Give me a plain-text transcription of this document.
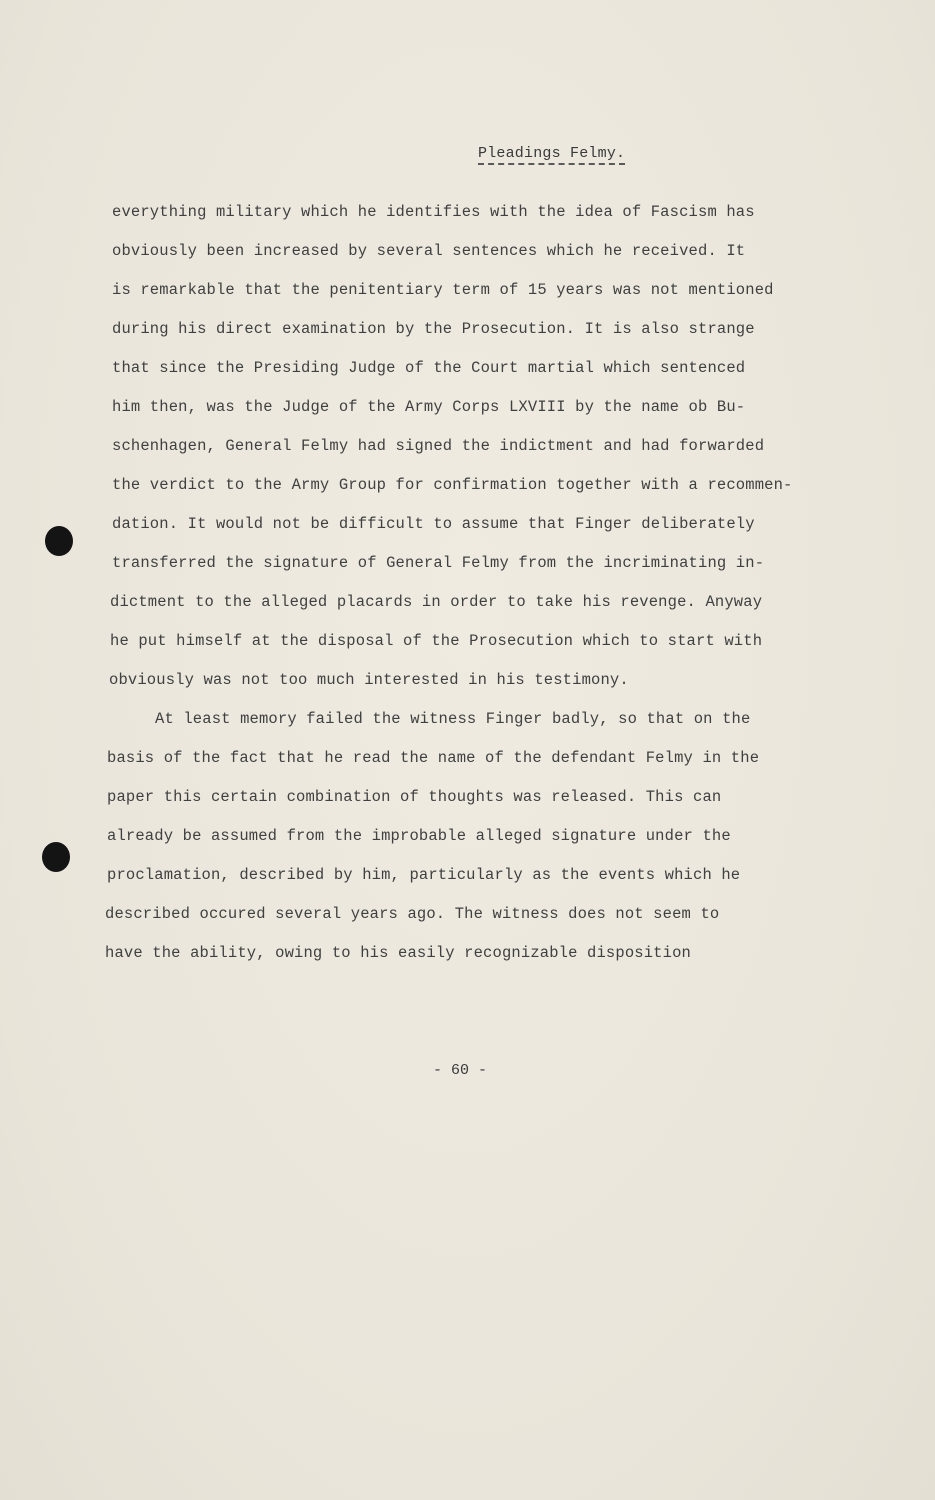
Pleadings Felmy.
everything military which he identifies with the idea of Fascism has
obviously been increased by several sentences which he received. It
is remarkable that the penitentiary term of 15 years was not mentioned
during his direct examination by the Prosecution. It is also strange
that since the Presiding Judge of the Court martial which sentenced
him then, was the Judge of the Army Corps LXVIII by the name ob Bu-
schenhagen, General Felmy had signed the indictment and had forwarded
the verdict to the Army Group for confirmation together with a recommen-
dation. It would not be difficult to assume that Finger deliberately
transferred the signature of General Felmy from the incriminating in-
dictment to the alleged placards in order to take his revenge. Anyway
he put himself at the disposal of the Prosecution which to start with
obviously was not too much interested in his testimony.
At least memory failed the witness Finger badly, so that on the
basis of the fact that he read the name of the defendant Felmy in the
paper this certain combination of thoughts was released. This can
already be assumed from the improbable alleged signature under the
proclamation, described by him, particularly as the events which he
described occured several years ago. The witness does not seem to
have the ability, owing to his easily recognizable disposition
- 60 -
